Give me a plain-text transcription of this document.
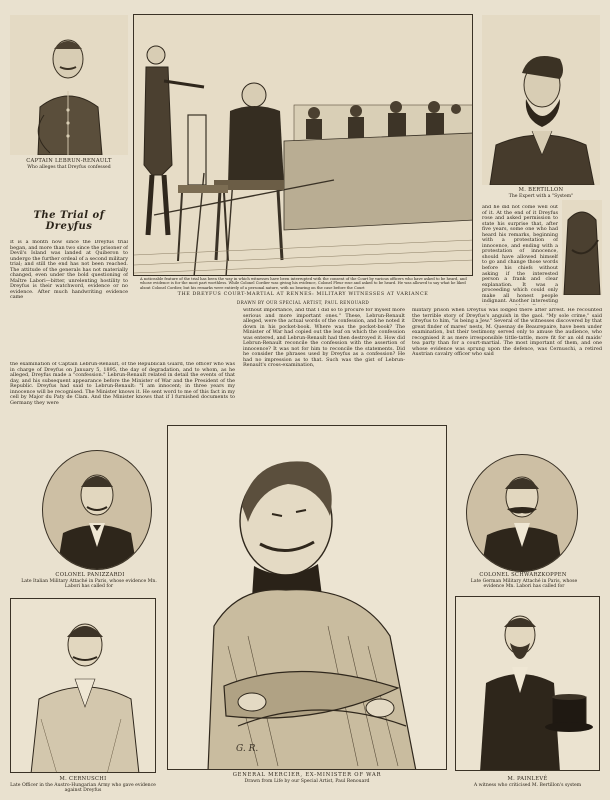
CAPTAIN LEBRUN-RENAULT
Who alleges that Dreyfus confessed
A noticeable feature of the trial has been the way in which witnesses have been interrupted with the consent of the Court by various officers who have asked to be heard, and whose evidence is for the most part worthless. While Colonel Cordier was giving his evidence, Colonel Fleur rose and asked to be heard. He was allowed to say what he liked about Colonel Cordier, but his remarks were entirely of a personal nature, with no bearing on the case before the Court
THE DREYFUS COURT-MARTIAL AT RENNES: MILITARY WITNESSES AT VARIANCE
DRAWN BY OUR SPECIAL ARTIST, PAUL RENOUARD
M. BERTILLON
The Expert with a "System"
The Trial of
Dreyfus

It is a month now since the Dreyfus trial began, and more than two since the prisoner of Devil's Island was landed at Quiberon to undergo the further ordeal of a second military trial; and still the end has not been reached. The attitude of the generals has not materially changed, even under the bold questioning of Maître Labori—bitter, unrelenting hostility to Dreyfus is their watchword, evidence or no evidence. After much handwriting evidence came

the examination of Captain Lebrun-Renault, of the Republican Guard, the officer who was in charge of Dreyfus on January 5, 1895, the day of degradation, and to whom, as he alleged, Dreyfus made a "confession." Lebrun-Renault related in detail the events of that day, and his subsequent appearance before the Minister of War and the President of the Republic. Dreyfus had said to Lebrun-Renault: "I am innocent; in three years my innocence will be recognised. The Minister knows it. He sent word to me of this fact in my cell by Major du Paty de Clam. And the Minister knows that if I furnished documents to Germany they were

without importance, and that I did so to procure for myself more serious and more important ones." These, Lebrun-Renault alleged, were the actual words of the confession, and he noted it down in his pocket-book. Where was the pocket-book? The Minister of War had copied out the leaf on which the confession was entered, and Lebrun-Renault had then destroyed it. How did Lebrun-Renault reconcile the confession with the assertion of innocence? It was not for him to reconcile the statements. Did he consider the phrases used by Dreyfus as a confession? He had no impression as to that. Such was the gist of Lebrun-Renault's cross-examination,

military prison when Dreyfus was lodged there after arrest. He recounted the terrible story of Dreyfus's anguish in the gaol. "My sole crime," said Dreyfus to him, "is being a Jew." Several of the witnesses discovered by that great finder of mares' nests, M. Quesnay de Beaurepaire, have been under examination, but their testimony served only to amuse the audience, who recognised it as mere irresponsible tittle-tattle, more fit for an old maids' tea party than for a court-martial. The most important of them, and one whose evidence was sprung upon the defence, was Cernuschi, a retired Austrian cavalry officer who said

and he did not come well out of it. At the end of it Dreyfus rose and asked permission to state his surprise that, after five years, some one who had heard his remarks, beginning with a protestation of innocence, and ending with a protestation of innocence, should have allowed himself to go and change those words before his chiefs without asking if the interested person a frank and clear explanation. It was a proceeding which could only make all honest people indignant. Another interesting

COLONEL PANIZZARDI
Late Italian Military Attaché in Paris, whose evidence Mn. Labori has called for
G. R.
GENERAL MERCIER, EX-MINISTER OF WAR
Drawn from Life by our Special Artist, Paul Renouard
COLONEL SCHWARZKOPPEN
Late German Military Attaché in Paris, whose evidence Mn. Labori has called for
M. CERNUSCHI
Late Officer in the Austro-Hungarian Army who gave evidence against Dreyfus
M. PAINLEVÉ
A witness who criticised M. Bertillon's system
